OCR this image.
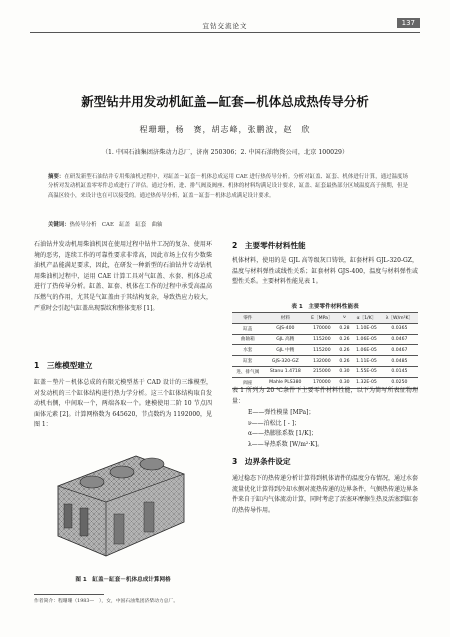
宜钻交流论文	137
新型钻井用发动机缸盖—缸套—机体总成热传导分析
程珊珊，杨　赛，胡志峰，张鹏波，赵　欣
（1. 中国石油集团济柴动力总厂，济南 250306；2. 中国石油物资公司，北京 100029）
摘要：在研发新型石油钻井专用柴油机过程中，对缸盖－缸套－机体总成运用 CAE 进行热传导分析。分析对缸盖、缸套、机体进行计算，通过温度场分析对发动机缸盖零零件总成进行了评估。通过分析，进、排气阀及阀座、机体的材料均满足设计要求，缸盖、缸套最热部分区域温度高于预期，但是高温区较小，来设计也在可以接受的。通过热传导分析，缸盖－缸套－机体总成满足设计要求。
关键词：热传导分析　CAE　缸盖　缸套　曲轴
石油钻井发动机用柴油机因在使用过程中钻井工况的复杂、使用环境的恶劣，连续工作的可靠性要求非常高，因此市场上仅有少数柴油机产品能满足要求，因此，在研发一种新型的石油钻井专动钻机用柴油机过程中，运用 CAE 计算工具对气缸盖、水套、机体总成进行了热传导分析。缸盖、缸套、机体在工作的过程中承受高温高压燃气的作用，尤其是气缸盖由于其结构复杂，导致热应力较大，严重时会引起气缸盖出现裂纹和整体变形 [1]。
1　三维模型建立
缸盖－垫片－机体总成的有限元模型基于 CAD 设计的三维模型，对发动机的三个缸体结构进行热力学分析。这三个缸体结构取自发动机右侧，中间取一个，两端各取一个。建模使用二阶 10 节点四面体元素 [2]。计算网格数为 645620，节点数约为 1192000，见图 1：
图 1　缸盖－缸套－机体总成计算网格
作者简介：程珊珊（1983—　），女，中国石油集团济柴动力总厂。
2　主要零件材料性能
机体材料，使用的是 GJL 高等级灰口铸铁，缸套材料 GJL-320-GZ，温度与材料弹性或线性关系；缸套材料 GJS-400，温度与材料弹性或塑性关系。主要材料性能见表 1。
表 1　主要零件材料性能表
零件	材料	E［MPa］	ν	α［1/K］	λ［W/m²K］
缸盖	GJS-400	170000	0.28	1.10E-05	0.0365
曲轴箱	GJL 高精	115200	0.26	1.06E-05	0.0467
水套	GJL 中精	115200	0.26	1.06E-05	0.0467
缸套	GJS-320-GZ	132000	0.26	1.11E-05	0.0485
进、排气阀	Stanu 1.4718	215000	0.30	1.55E-05	0.0145
阀座	Mahle PLS380	170000	0.30	1.32E-05	0.0250
表 1 所列为 20 ℃条件下主要零件材料性能，以下为简写所表征物理量：
E——弹性模量 [MPa]；
ν——泊松比 [ - ]；
α——热膨胀系数 [1/K]；
λ——导热系数 [W/m²·K]。
3　边界条件设定
通过稳态下的热传递分析计算得到机体请件的温度分布情况，通过水套流量优化计算得到冷却水侧对流热传递的边界条件，气侧热传递边界条件来自于缸内气体流动计算，同时考虑了活塞环摩擦生热及活塞到缸套的热传导作用。
